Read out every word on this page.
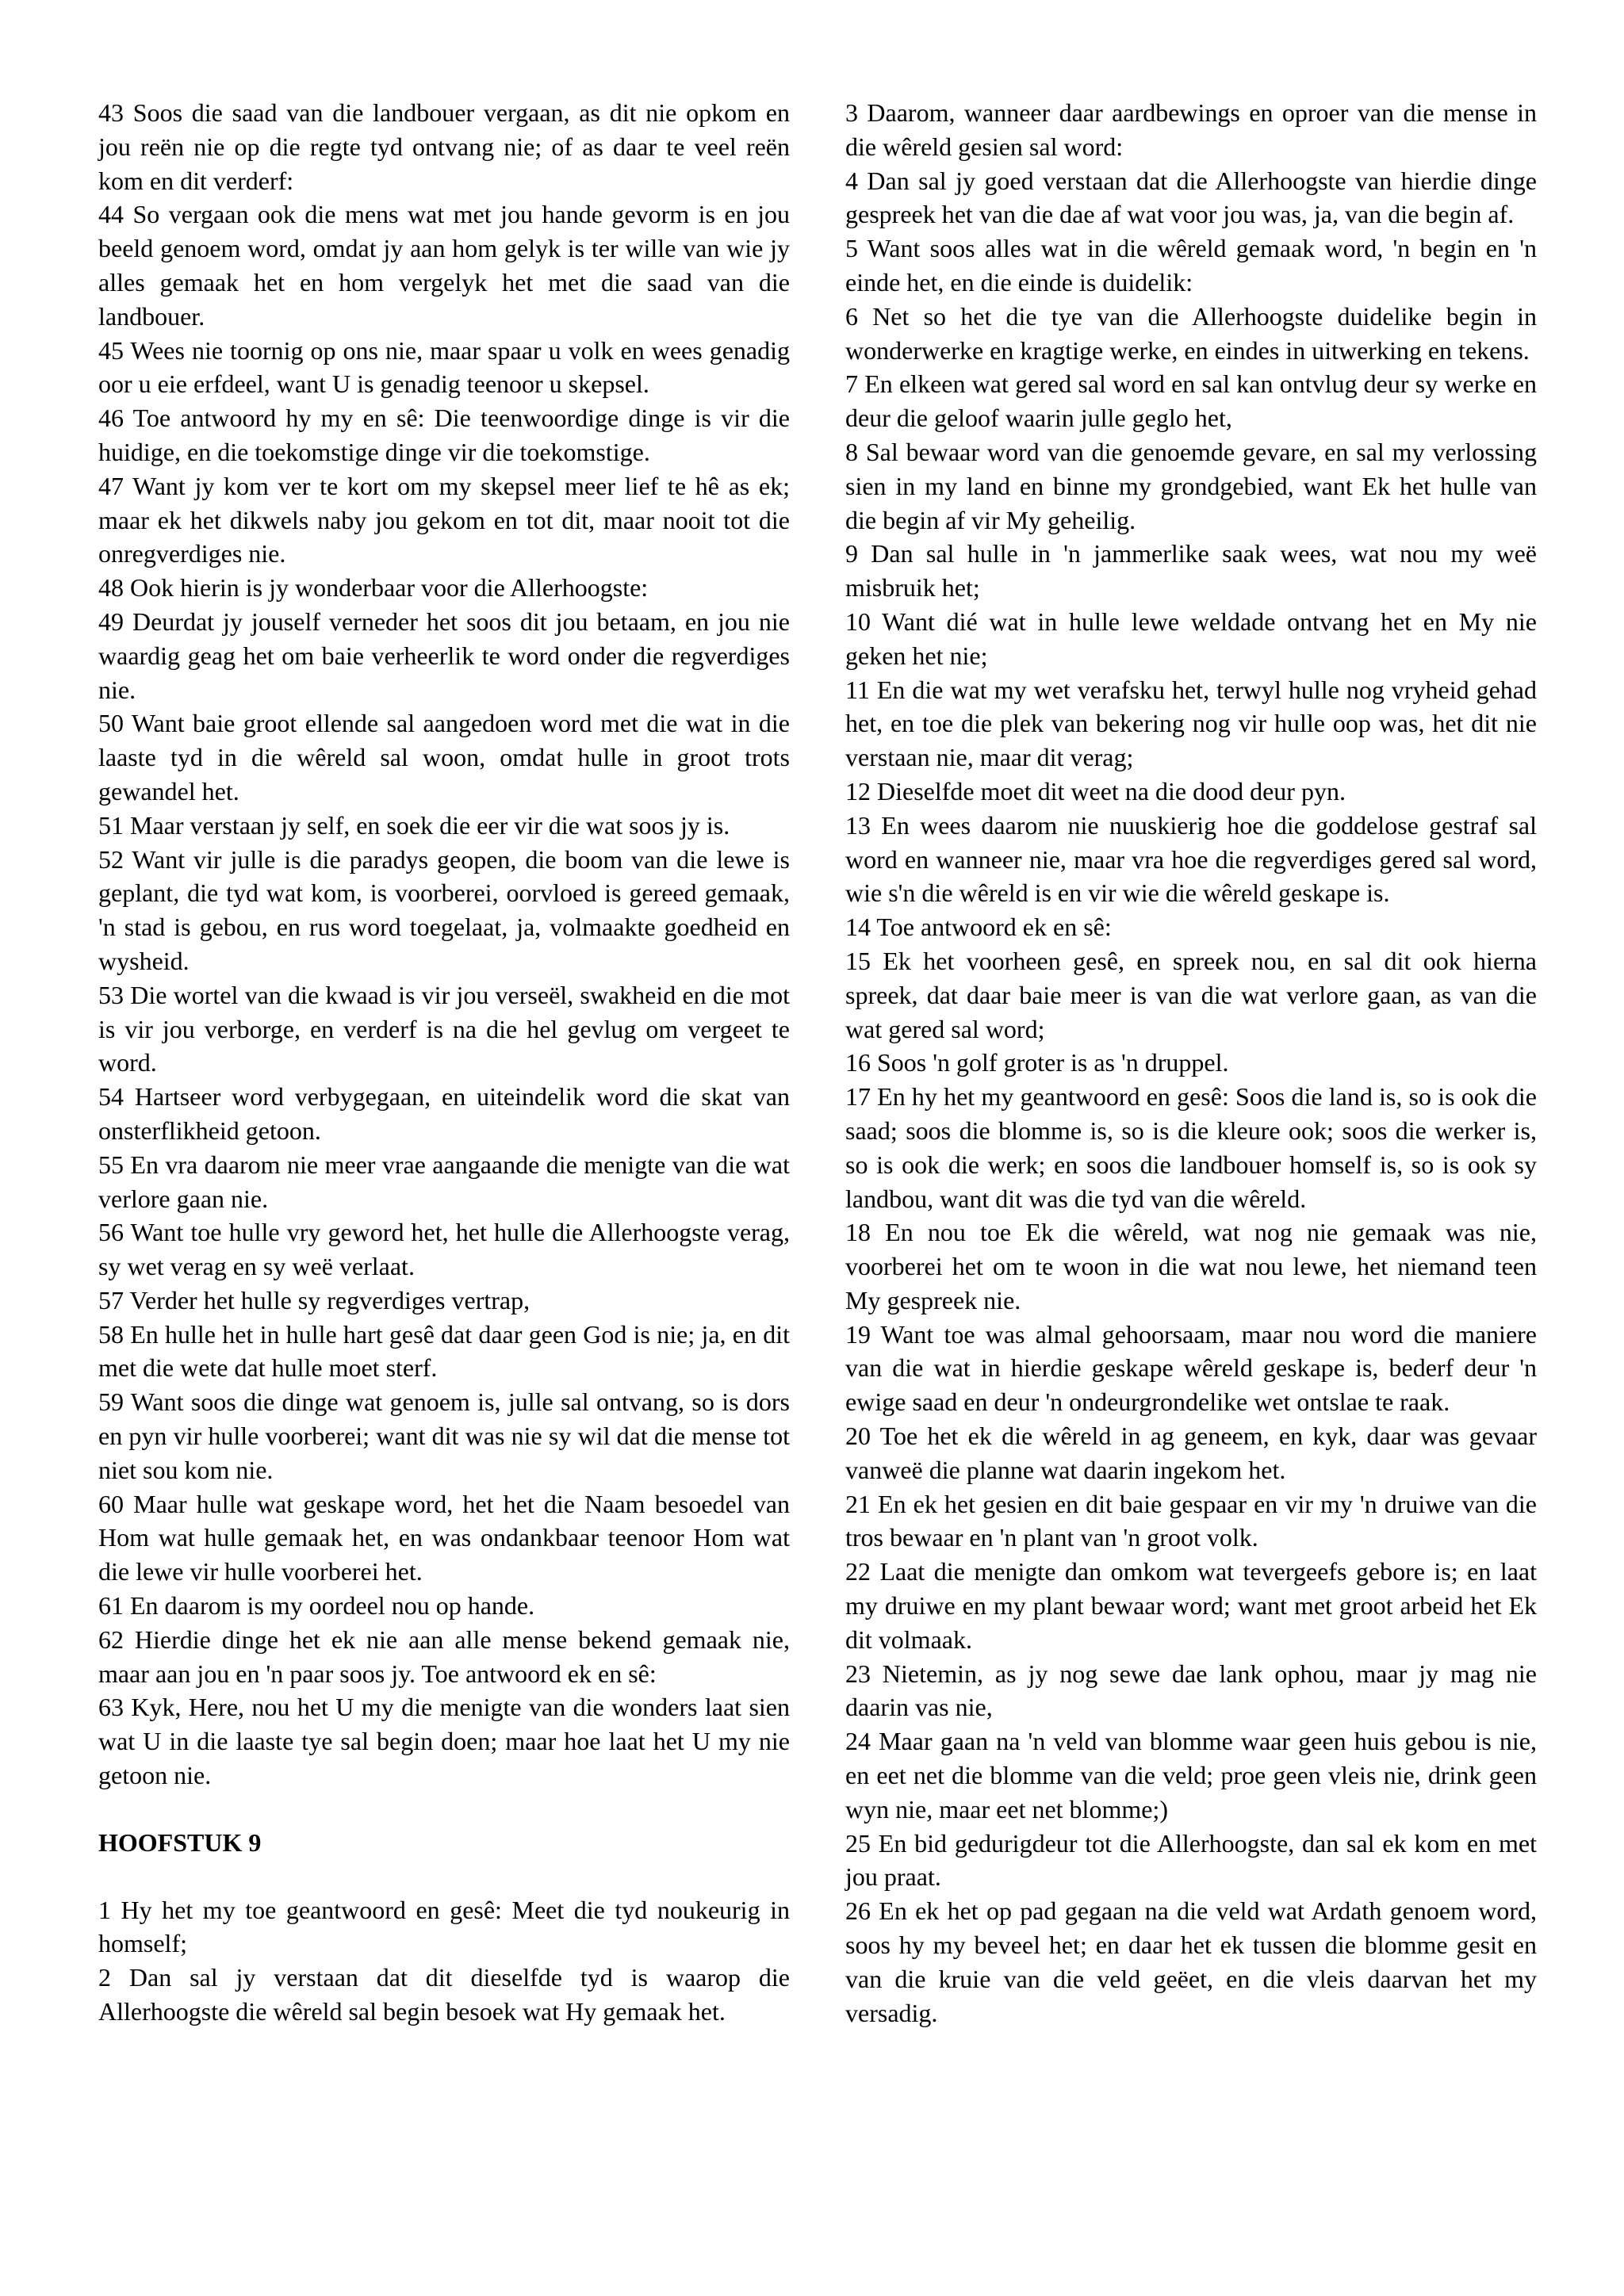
43 Soos die saad van die landbouer vergaan, as dit nie opkom en jou reën nie op die regte tyd ontvang nie; of as daar te veel reën kom en dit verderf:

44 So vergaan ook die mens wat met jou hande gevorm is en jou beeld genoem word, omdat jy aan hom gelyk is ter wille van wie jy alles gemaak het en hom vergelyk het met die saad van die landbouer.

45 Wees nie toornig op ons nie, maar spaar u volk en wees genadig oor u eie erfdeel, want U is genadig teenoor u skepsel.

46 Toe antwoord hy my en sê: Die teenwoordige dinge is vir die huidige, en die toekomstige dinge vir die toekomstige.

47 Want jy kom ver te kort om my skepsel meer lief te hê as ek; maar ek het dikwels naby jou gekom en tot dit, maar nooit tot die onregverdiges nie.

48 Ook hierin is jy wonderbaar voor die Allerhoogste:

49 Deurdat jy jouself verneder het soos dit jou betaam, en jou nie waardig geag het om baie verheerlik te word onder die regverdiges nie.

50 Want baie groot ellende sal aangedoen word met die wat in die laaste tyd in die wêreld sal woon, omdat hulle in groot trots gewandel het.

51 Maar verstaan jy self, en soek die eer vir die wat soos jy is.

52 Want vir julle is die paradys geopen, die boom van die lewe is geplant, die tyd wat kom, is voorberei, oorvloed is gereed gemaak, 'n stad is gebou, en rus word toegelaat, ja, volmaakte goedheid en wysheid.

53 Die wortel van die kwaad is vir jou verseël, swakheid en die mot is vir jou verborge, en verderf is na die hel gevlug om vergeet te word.

54 Hartseer word verbygegaan, en uiteindelik word die skat van onsterflikheid getoon.

55 En vra daarom nie meer vrae aangaande die menigte van die wat verlore gaan nie.

56 Want toe hulle vry geword het, het hulle die Allerhoogste verag, sy wet verag en sy weë verlaat.

57 Verder het hulle sy regverdiges vertrap,

58 En hulle het in hulle hart gesê dat daar geen God is nie; ja, en dit met die wete dat hulle moet sterf.

59 Want soos die dinge wat genoem is, julle sal ontvang, so is dors en pyn vir hulle voorberei; want dit was nie sy wil dat die mense tot niet sou kom nie.

60 Maar hulle wat geskape word, het het die Naam besoedel van Hom wat hulle gemaak het, en was ondankbaar teenoor Hom wat die lewe vir hulle voorberei het.

61 En daarom is my oordeel nou op hande.

62 Hierdie dinge het ek nie aan alle mense bekend gemaak nie, maar aan jou en 'n paar soos jy. Toe antwoord ek en sê:

63 Kyk, Here, nou het U my die menigte van die wonders laat sien wat U in die laaste tye sal begin doen; maar hoe laat het U my nie getoon nie.

HOOFSTUK 9

1 Hy het my toe geantwoord en gesê: Meet die tyd noukeurig in homself;

2 Dan sal jy verstaan dat dit dieselfde tyd is waarop die Allerhoogste die wêreld sal begin besoek wat Hy gemaak het.

3 Daarom, wanneer daar aardbewings en oproer van die mense in die wêreld gesien sal word:

4 Dan sal jy goed verstaan dat die Allerhoogste van hierdie dinge gespreek het van die dae af wat voor jou was, ja, van die begin af.

5 Want soos alles wat in die wêreld gemaak word, 'n begin en 'n einde het, en die einde is duidelik:

6 Net so het die tye van die Allerhoogste duidelike begin in wonderwerke en kragtige werke, en eindes in uitwerking en tekens.

7 En elkeen wat gered sal word en sal kan ontvlug deur sy werke en deur die geloof waarin julle geglo het,

8 Sal bewaar word van die genoemde gevare, en sal my verlossing sien in my land en binne my grondgebied, want Ek het hulle van die begin af vir My geheilig.

9 Dan sal hulle in 'n jammerlike saak wees, wat nou my weë misbruik het;

10 Want dié wat in hulle lewe weldade ontvang het en My nie geken het nie;

11 En die wat my wet verafsku het, terwyl hulle nog vryheid gehad het, en toe die plek van bekering nog vir hulle oop was, het dit nie verstaan nie, maar dit verag;

12 Dieselfde moet dit weet na die dood deur pyn.

13 En wees daarom nie nuuskierig hoe die goddelose gestraf sal word en wanneer nie, maar vra hoe die regverdiges gered sal word, wie s'n die wêreld is en vir wie die wêreld geskape is.

14 Toe antwoord ek en sê:

15 Ek het voorheen gesê, en spreek nou, en sal dit ook hierna spreek, dat daar baie meer is van die wat verlore gaan, as van die wat gered sal word;

16 Soos 'n golf groter is as 'n druppel.

17 En hy het my geantwoord en gesê: Soos die land is, so is ook die saad; soos die blomme is, so is die kleure ook; soos die werker is, so is ook die werk; en soos die landbouer homself is, so is ook sy landbou, want dit was die tyd van die wêreld.

18 En nou toe Ek die wêreld, wat nog nie gemaak was nie, voorberei het om te woon in die wat nou lewe, het niemand teen My gespreek nie.

19 Want toe was almal gehoorsaam, maar nou word die maniere van die wat in hierdie geskape wêreld geskape is, bederf deur 'n ewige saad en deur 'n ondeurgrondelike wet ontslae te raak.

20 Toe het ek die wêreld in ag geneem, en kyk, daar was gevaar vanweë die planne wat daarin ingekom het.

21 En ek het gesien en dit baie gespaar en vir my 'n druiwe van die tros bewaar en 'n plant van 'n groot volk.

22 Laat die menigte dan omkom wat tevergeefs gebore is; en laat my druiwe en my plant bewaar word; want met groot arbeid het Ek dit volmaak.

23 Nietemin, as jy nog sewe dae lank ophou, maar jy mag nie daarin vas nie,

24 Maar gaan na 'n veld van blomme waar geen huis gebou is nie, en eet net die blomme van die veld; proe geen vleis nie, drink geen wyn nie, maar eet net blomme;)

25 En bid gedurigdeur tot die Allerhoogste, dan sal ek kom en met jou praat.

26 En ek het op pad gegaan na die veld wat Ardath genoem word, soos hy my beveel het; en daar het ek tussen die blomme gesit en van die kruie van die veld geëet, en die vleis daarvan het my versadig.
